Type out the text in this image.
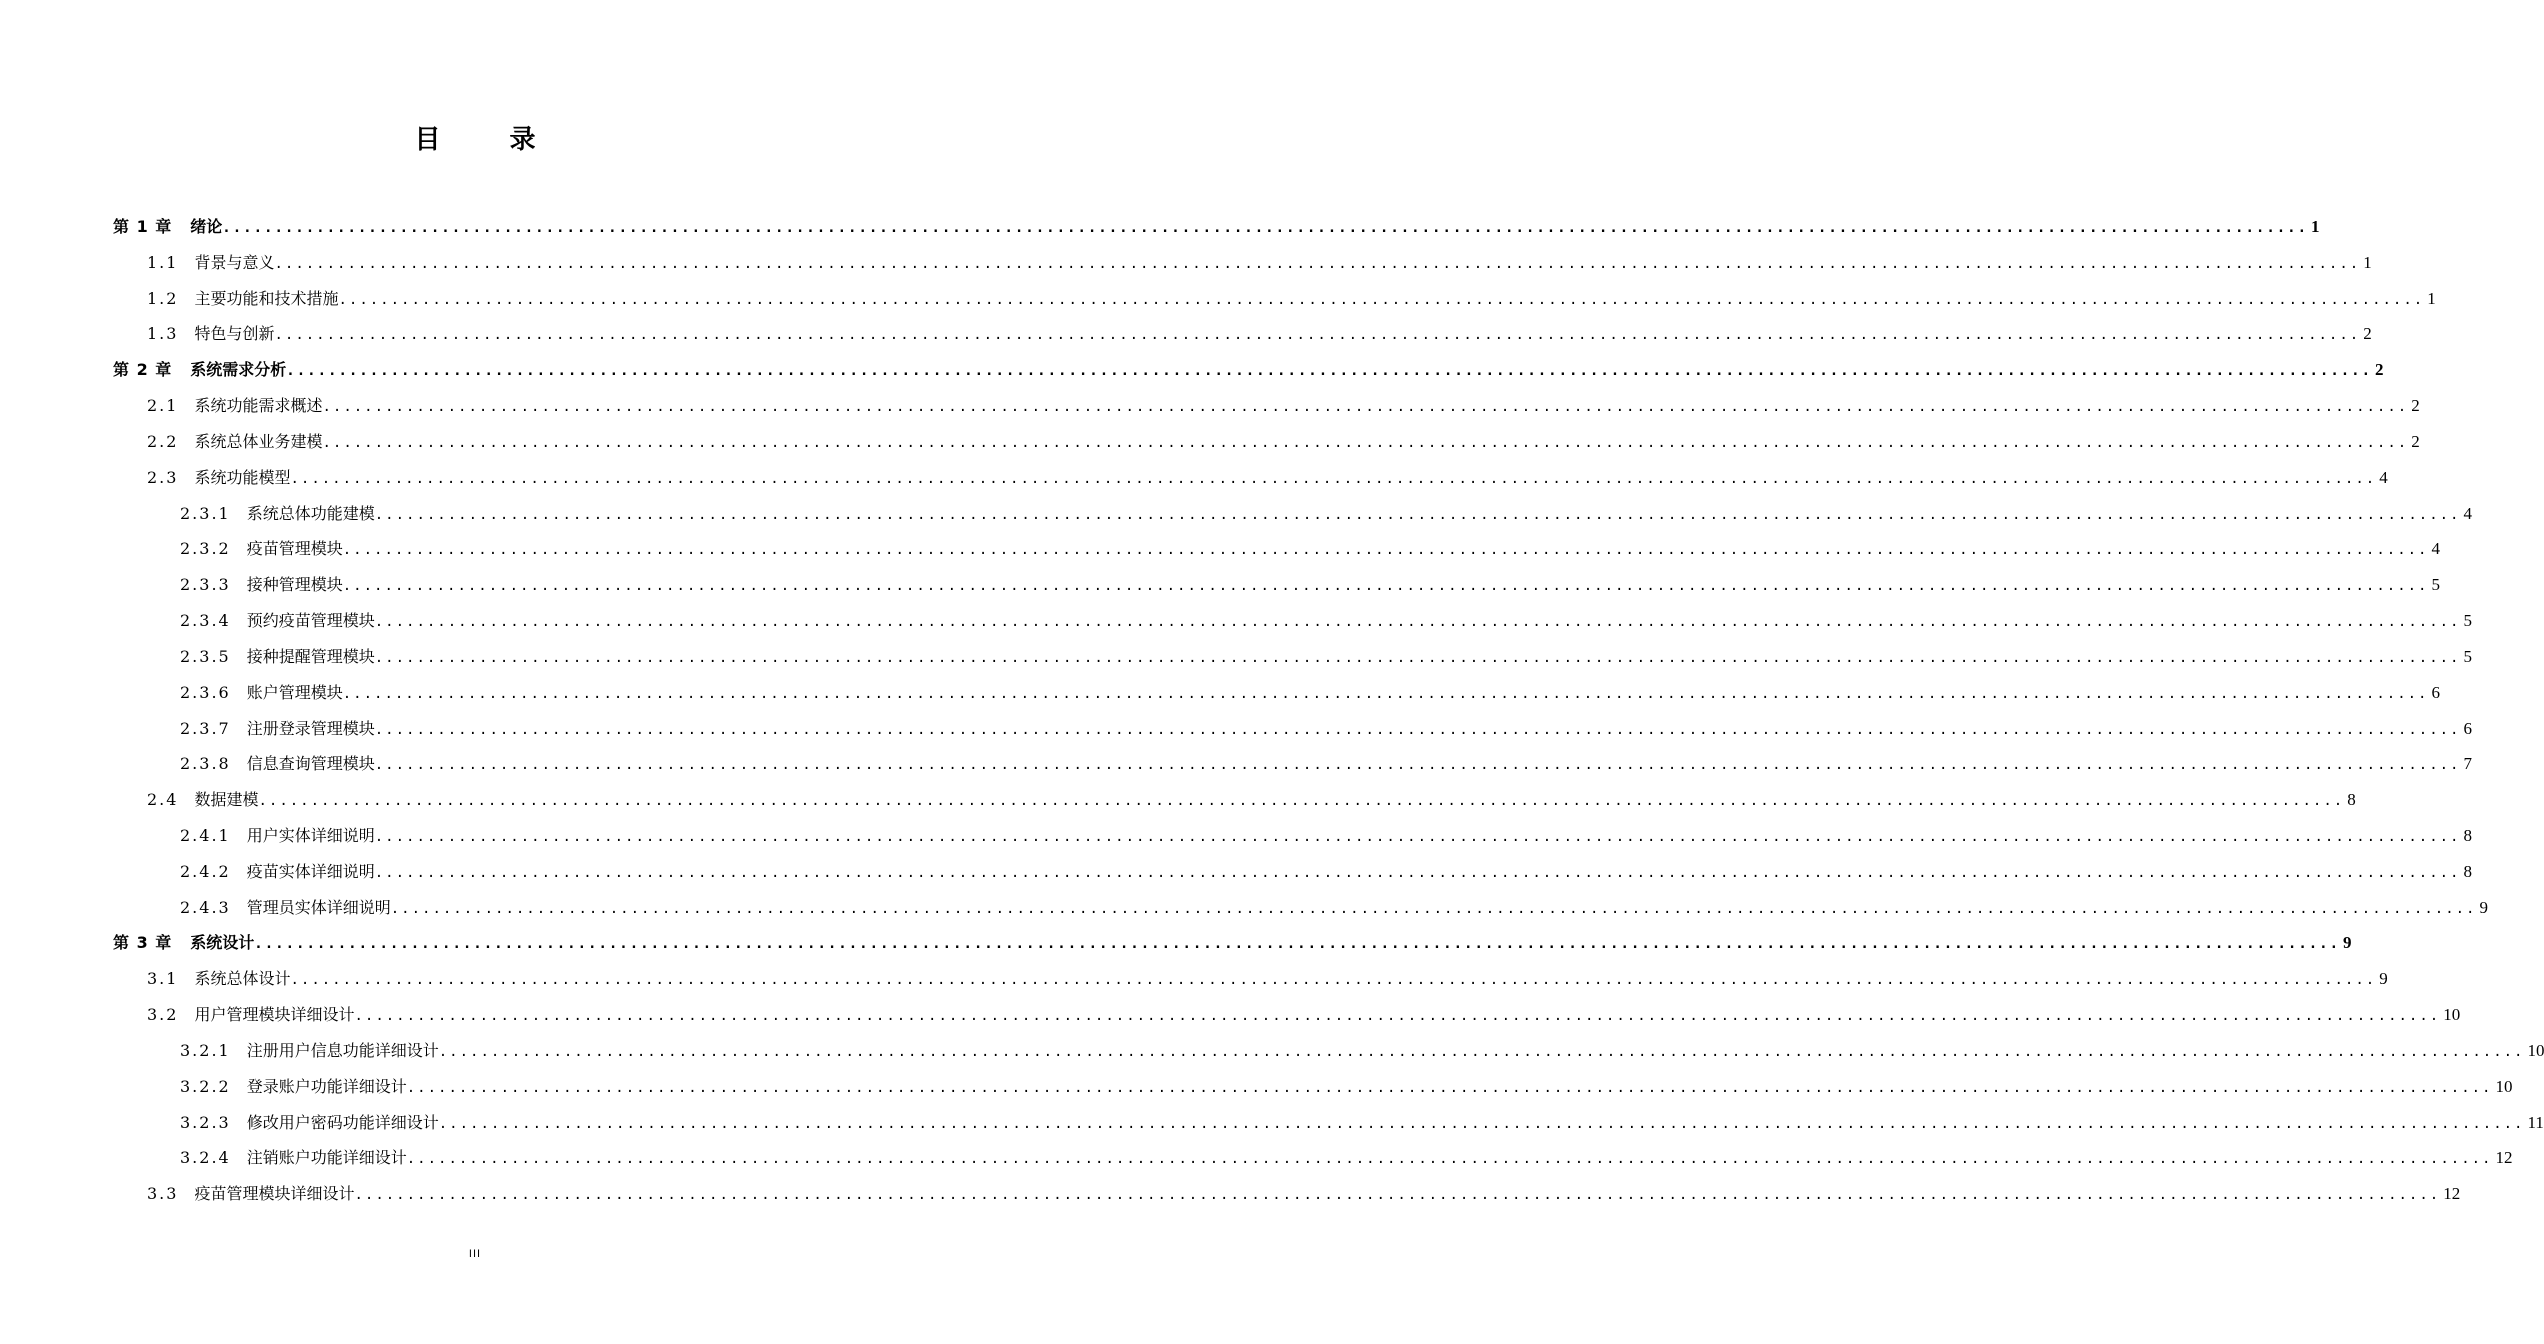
目 录
第 1 章 绪论 ........................................................................................................................................................................................................ 1
1.1 背景与意义 ........................................................................................................................................................................................................ 1
1.2 主要功能和技术措施 ........................................................................................................................................................................................................ 1
1.3 特色与创新 ........................................................................................................................................................................................................ 2
第 2 章 系统需求分析 ........................................................................................................................................................................................................ 2
2.1 系统功能需求概述 ........................................................................................................................................................................................................ 2
2.2 系统总体业务建模 ........................................................................................................................................................................................................ 2
2.3 系统功能模型 ........................................................................................................................................................................................................ 4
2.3.1 系统总体功能建模 ........................................................................................................................................................................................................ 4
2.3.2 疫苗管理模块 ........................................................................................................................................................................................................ 4
2.3.3 接种管理模块 ........................................................................................................................................................................................................ 5
2.3.4 预约疫苗管理模块 ........................................................................................................................................................................................................ 5
2.3.5 接种提醒管理模块 ........................................................................................................................................................................................................ 5
2.3.6 账户管理模块 ........................................................................................................................................................................................................ 6
2.3.7 注册登录管理模块 ........................................................................................................................................................................................................ 6
2.3.8 信息查询管理模块 ........................................................................................................................................................................................................ 7
2.4 数据建模 ........................................................................................................................................................................................................ 8
2.4.1 用户实体详细说明 ........................................................................................................................................................................................................ 8
2.4.2 疫苗实体详细说明 ........................................................................................................................................................................................................ 8
2.4.3 管理员实体详细说明 ........................................................................................................................................................................................................ 9
第 3 章 系统设计 ........................................................................................................................................................................................................ 9
3.1 系统总体设计 ........................................................................................................................................................................................................ 9
3.2 用户管理模块详细设计 ........................................................................................................................................................................................................ 10
3.2.1 注册用户信息功能详细设计 ........................................................................................................................................................................................................ 10
3.2.2 登录账户功能详细设计 ........................................................................................................................................................................................................ 10
3.2.3 修改用户密码功能详细设计 ........................................................................................................................................................................................................ 11
3.2.4 注销账户功能详细设计 ........................................................................................................................................................................................................ 12
3.3 疫苗管理模块详细设计 ........................................................................................................................................................................................................ 12
III
